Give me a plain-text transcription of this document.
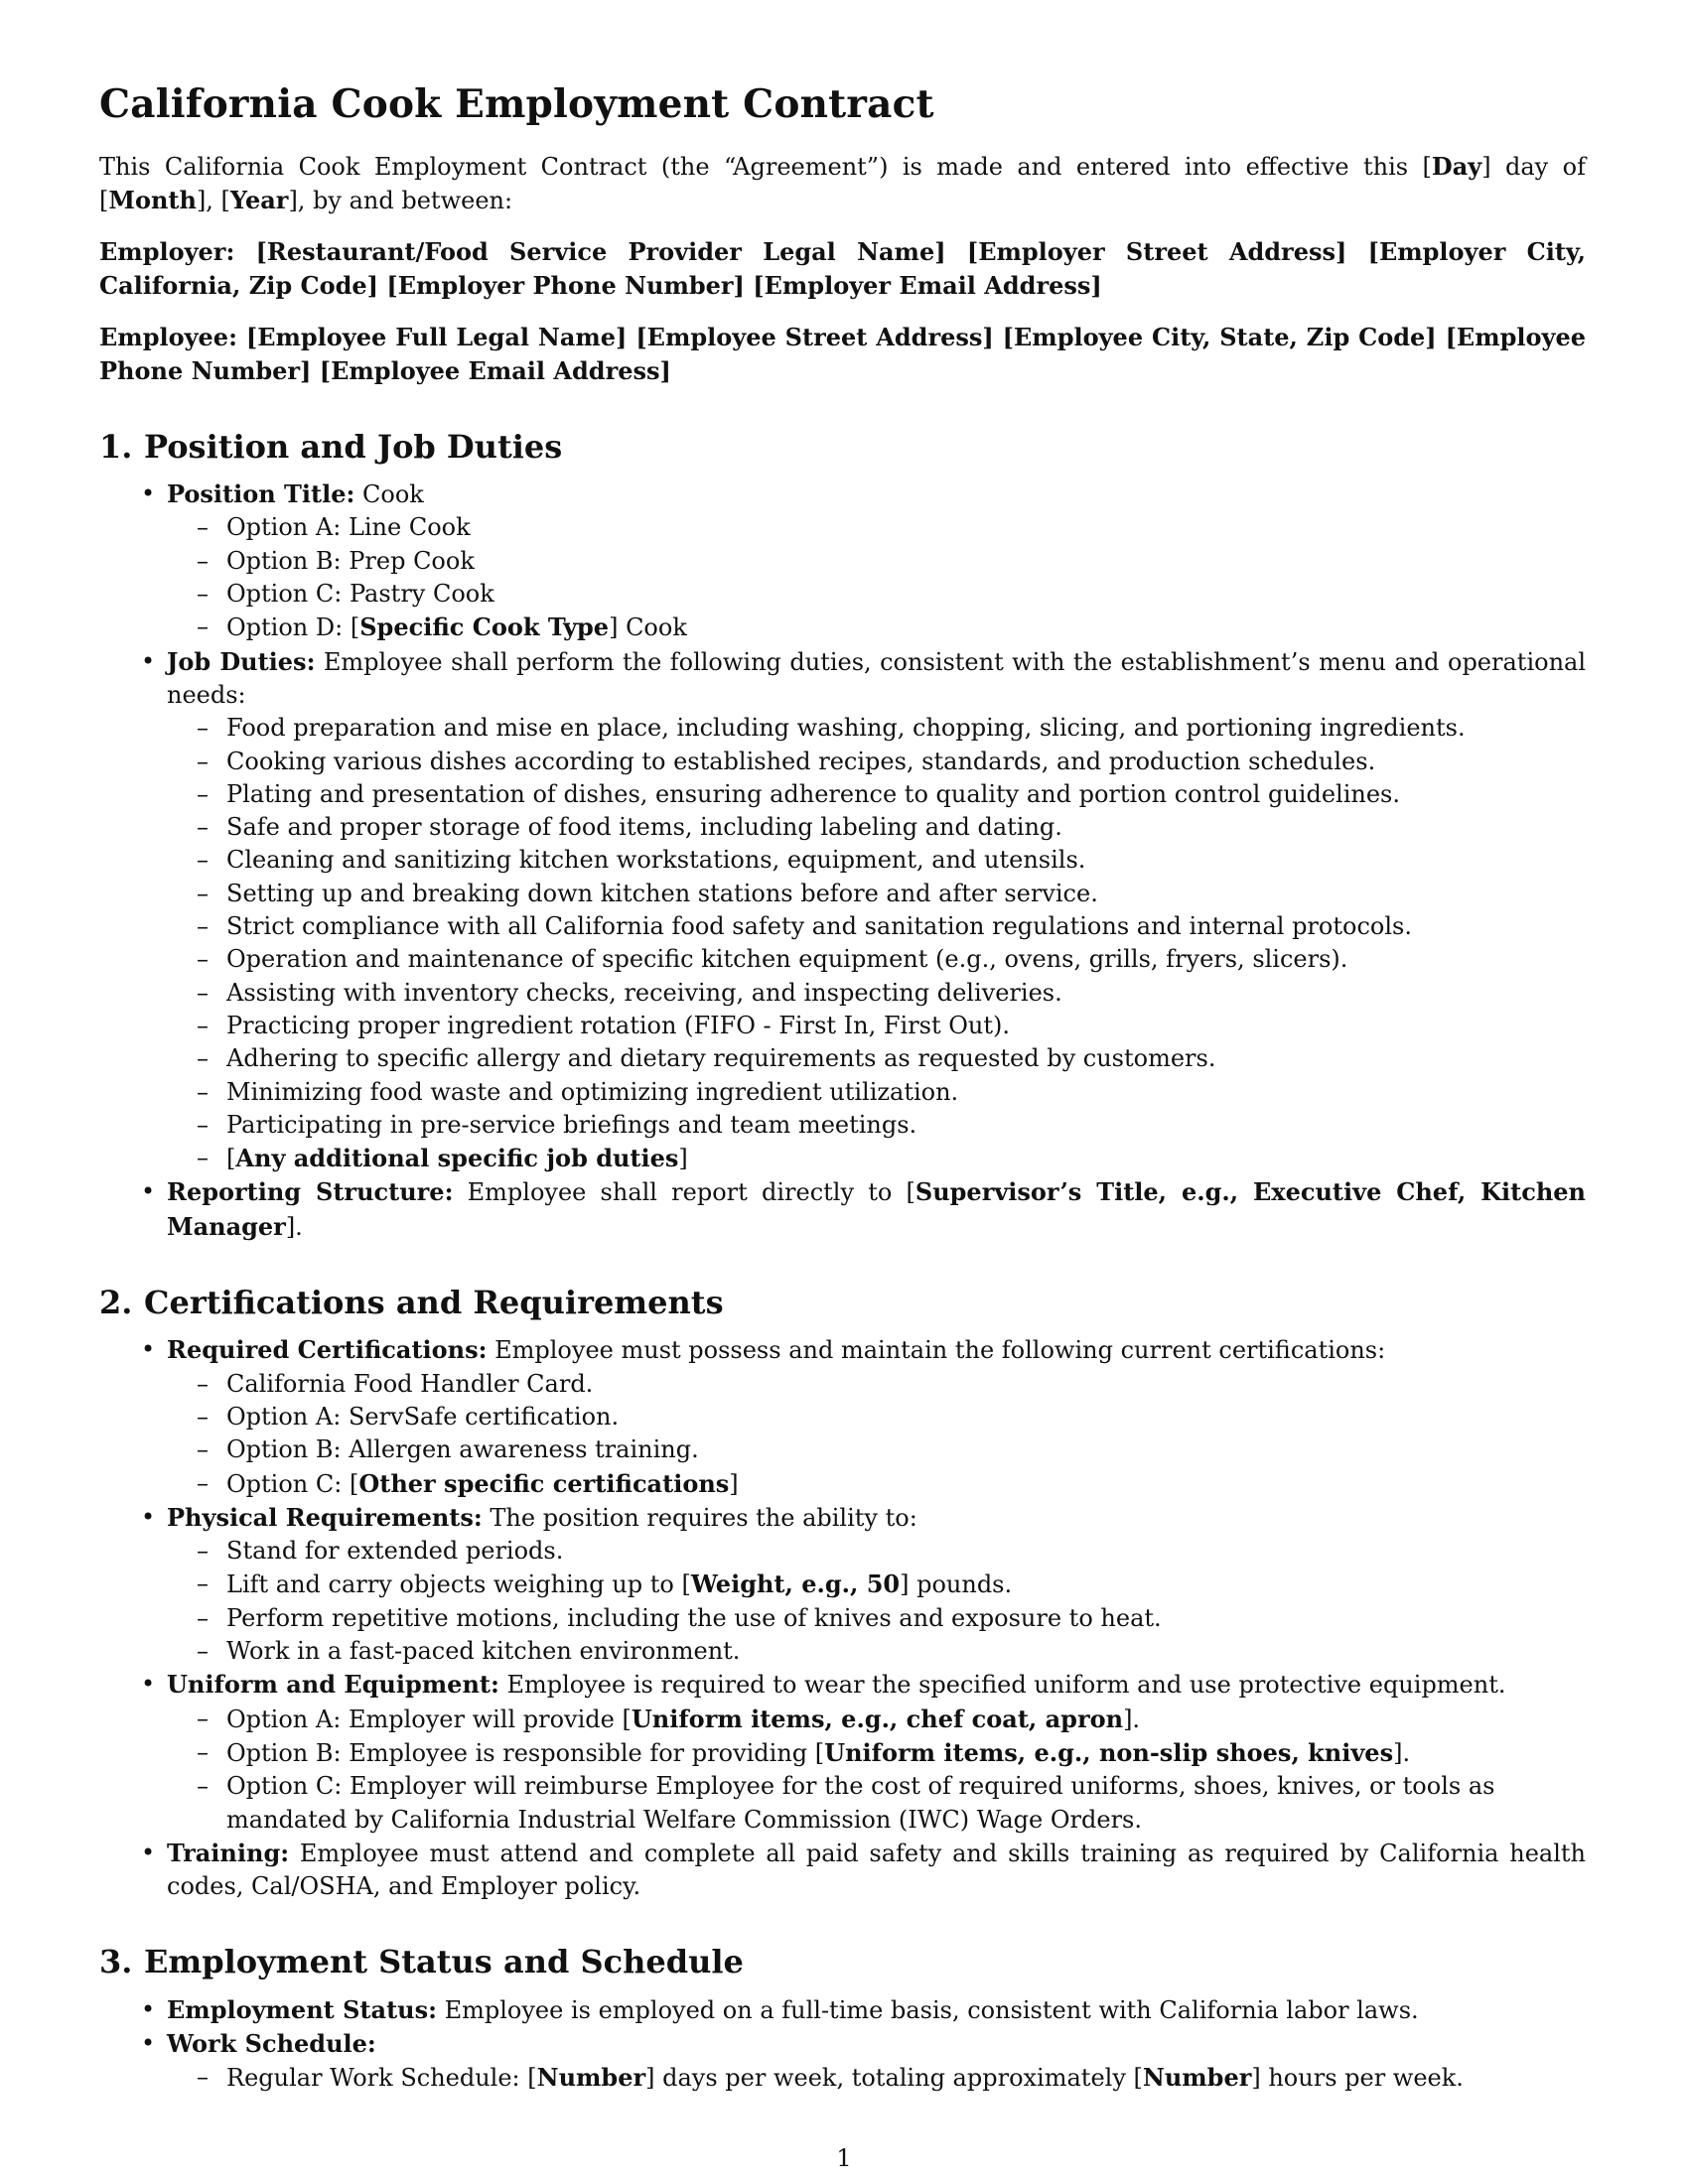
California Cook Employment Contract

This California Cook Employment Contract (the “Agreement”) is made and entered into effective this [Day] day of [Month], [Year], by and between:

Employer: [Restaurant/Food Service Provider Legal Name] [Employer Street Address] [Employer City, California, Zip Code] [Employer Phone Number] [Employer Email Address]

Employee: [Employee Full Legal Name] [Employee Street Address] [Employee City, State, Zip Code] [Employee Phone Number] [Employee Email Address]

1. Position and Job Duties
• Position Title: Cook
– Option A: Line Cook
– Option B: Prep Cook
– Option C: Pastry Cook
– Option D: [Specific Cook Type] Cook
• Job Duties: Employee shall perform the following duties, consistent with the establishment’s menu and operational needs:
– Food preparation and mise en place, including washing, chopping, slicing, and portioning ingredients.
– Cooking various dishes according to established recipes, standards, and production schedules.
– Plating and presentation of dishes, ensuring adherence to quality and portion control guidelines.
– Safe and proper storage of food items, including labeling and dating.
– Cleaning and sanitizing kitchen workstations, equipment, and utensils.
– Setting up and breaking down kitchen stations before and after service.
– Strict compliance with all California food safety and sanitation regulations and internal protocols.
– Operation and maintenance of specific kitchen equipment (e.g., ovens, grills, fryers, slicers).
– Assisting with inventory checks, receiving, and inspecting deliveries.
– Practicing proper ingredient rotation (FIFO - First In, First Out).
– Adhering to specific allergy and dietary requirements as requested by customers.
– Minimizing food waste and optimizing ingredient utilization.
– Participating in pre-service briefings and team meetings.
– [Any additional specific job duties]
• Reporting Structure: Employee shall report directly to [Supervisor’s Title, e.g., Executive Chef, Kitchen Manager].
2. Certifications and Requirements
• Required Certifications: Employee must possess and maintain the following current certifications:
– California Food Handler Card.
– Option A: ServSafe certification.
– Option B: Allergen awareness training.
– Option C: [Other specific certifications]
• Physical Requirements: The position requires the ability to:
– Stand for extended periods.
– Lift and carry objects weighing up to [Weight, e.g., 50] pounds.
– Perform repetitive motions, including the use of knives and exposure to heat.
– Work in a fast-paced kitchen environment.
• Uniform and Equipment: Employee is required to wear the specified uniform and use protective equipment.
– Option A: Employer will provide [Uniform items, e.g., chef coat, apron].
– Option B: Employee is responsible for providing [Uniform items, e.g., non-slip shoes, knives].
– Option C: Employer will reimburse Employee for the cost of required uniforms, shoes, knives, or tools as mandated by California Industrial Welfare Commission (IWC) Wage Orders.
• Training: Employee must attend and complete all paid safety and skills training as required by California health codes, Cal/OSHA, and Employer policy.
3. Employment Status and Schedule
• Employment Status: Employee is employed on a full-time basis, consistent with California labor laws.
• Work Schedule:
– Regular Work Schedule: [Number] days per week, totaling approximately [Number] hours per week.
1
